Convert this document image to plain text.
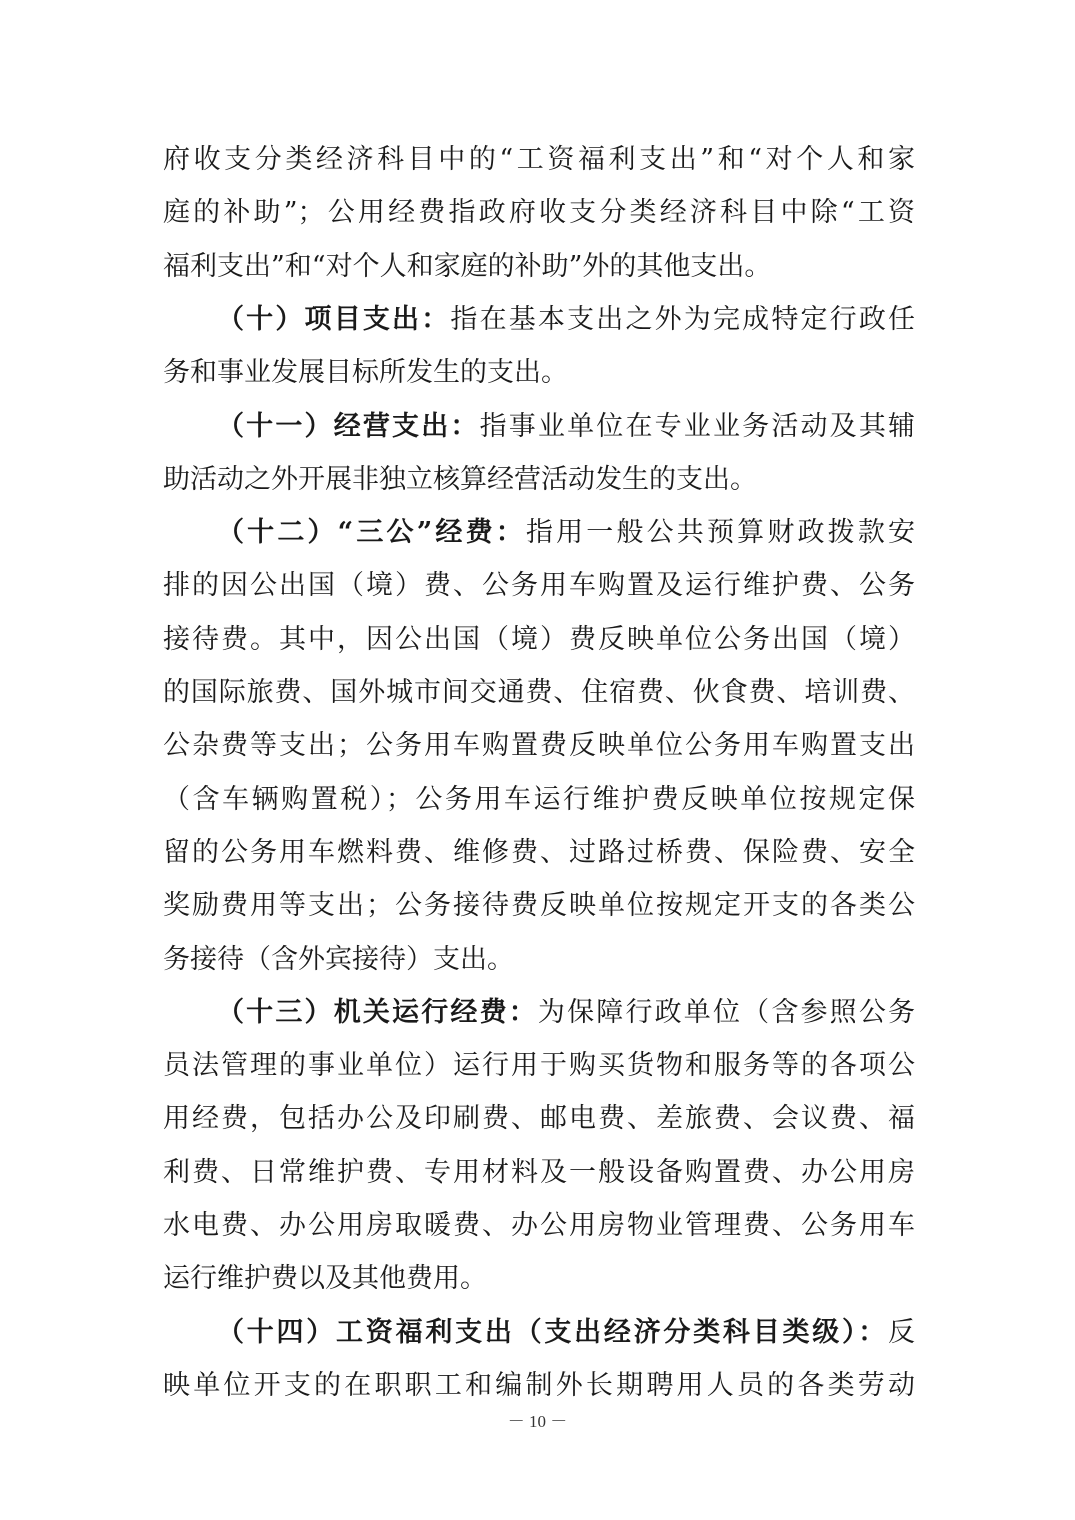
府收支分类经济科目中的“工资福利支出”和“对个人和家
庭的补助”；公用经费指政府收支分类经济科目中除“工资
福利支出”和“对个人和家庭的补助”外的其他支出。
（十）项目支出：指在基本支出之外为完成特定行政任
务和事业发展目标所发生的支出。
（十一）经营支出：指事业单位在专业业务活动及其辅
助活动之外开展非独立核算经营活动发生的支出。
（十二）“三公”经费：指用一般公共预算财政拨款安
排的因公出国（境）费、公务用车购置及运行维护费、公务
接待费。其中，因公出国（境）费反映单位公务出国（境）
的国际旅费、国外城市间交通费、住宿费、伙食费、培训费、
公杂费等支出；公务用车购置费反映单位公务用车购置支出
（含车辆购置税）；公务用车运行维护费反映单位按规定保
留的公务用车燃料费、维修费、过路过桥费、保险费、安全
奖励费用等支出；公务接待费反映单位按规定开支的各类公
务接待（含外宾接待）支出。
（十三）机关运行经费：为保障行政单位（含参照公务
员法管理的事业单位）运行用于购买货物和服务等的各项公
用经费，包括办公及印刷费、邮电费、差旅费、会议费、福
利费、日常维护费、专用材料及一般设备购置费、办公用房
水电费、办公用房取暖费、办公用房物业管理费、公务用车
运行维护费以及其他费用。
（十四）工资福利支出（支出经济分类科目类级）：反
映单位开支的在职职工和编制外长期聘用人员的各类劳动
－ 10 －
